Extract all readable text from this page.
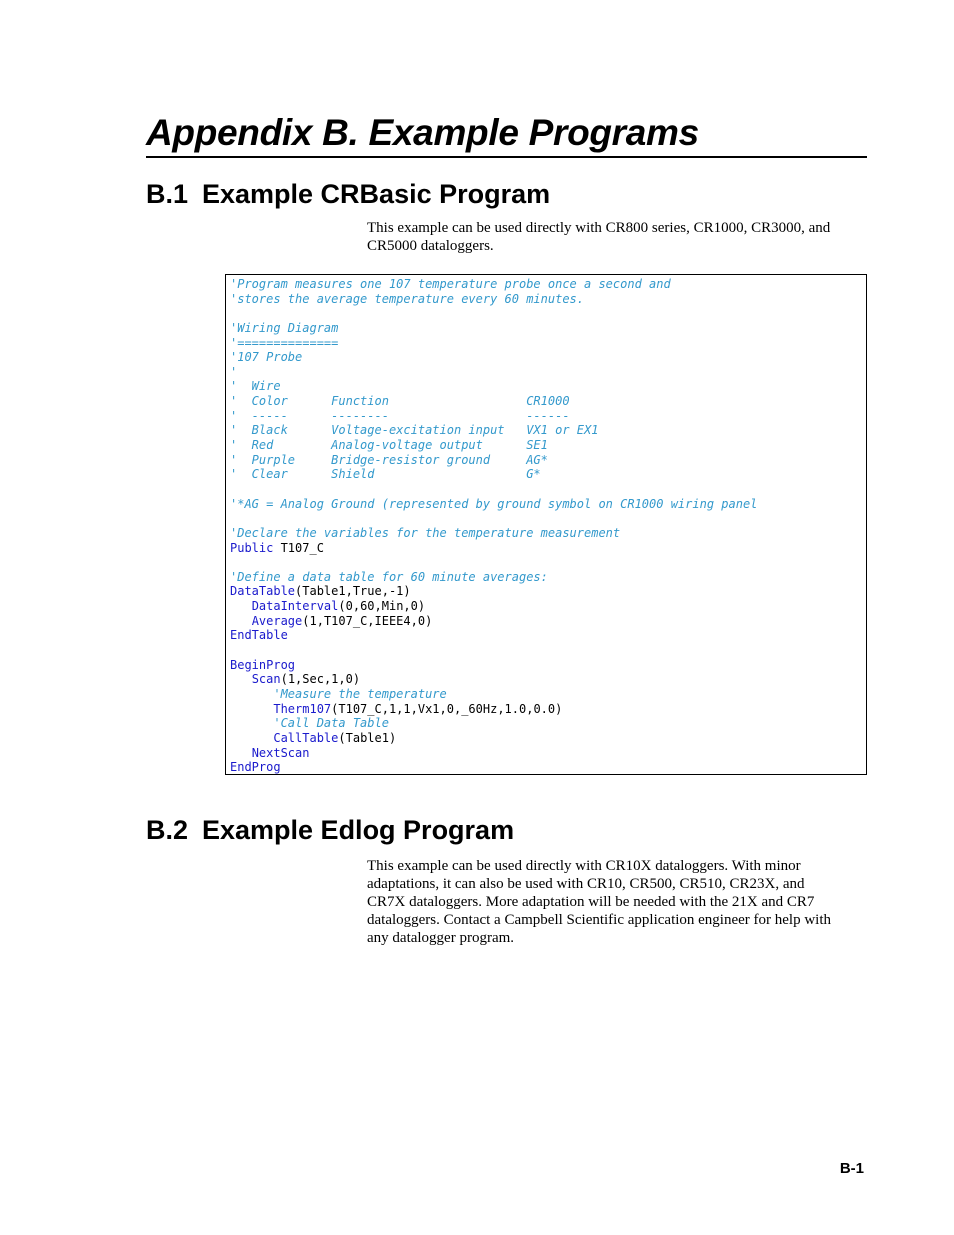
Appendix B. Example Programs
B.1 Example CRBasic Program

This example can be used directly with CR800 series, CR1000, CR3000, and CR5000 dataloggers.

'Program measures one 107 temperature probe once a second and
'stores the average temperature every 60 minutes.
'Wiring Diagram
'==============
'107 Probe
'
'  Wire
'  Color      Function                   CR1000
'  -----      --------                   ------
'  Black      Voltage-excitation input   VX1 or EX1
'  Red        Analog-voltage output      SE1
'  Purple     Bridge-resistor ground     AG*
'  Clear      Shield                     G*
'*AG = Analog Ground (represented by ground symbol on CR1000 wiring panel
'Declare the variables for the temperature measurement
Public T107_C
'Define a data table for 60 minute averages:
DataTable(Table1,True,-1)
DataInterval(0,60,Min,0)
Average(1,T107_C,IEEE4,0)
EndTable
BeginProg
Scan(1,Sec,1,0)
'Measure the temperature
Therm107(T107_C,1,1,Vx1,0,_60Hz,1.0,0.0)
'Call Data Table
CallTable(Table1)
NextScan
EndProg
B.2 Example Edlog Program
This example can be used directly with CR10X dataloggers. With minor
adaptations, it can also be used with CR10, CR500, CR510, CR23X, and
CR7X dataloggers. More adaptation will be needed with the 21X and CR7
dataloggers. Contact a Campbell Scientific application engineer for help with
any datalogger program.
B-1
